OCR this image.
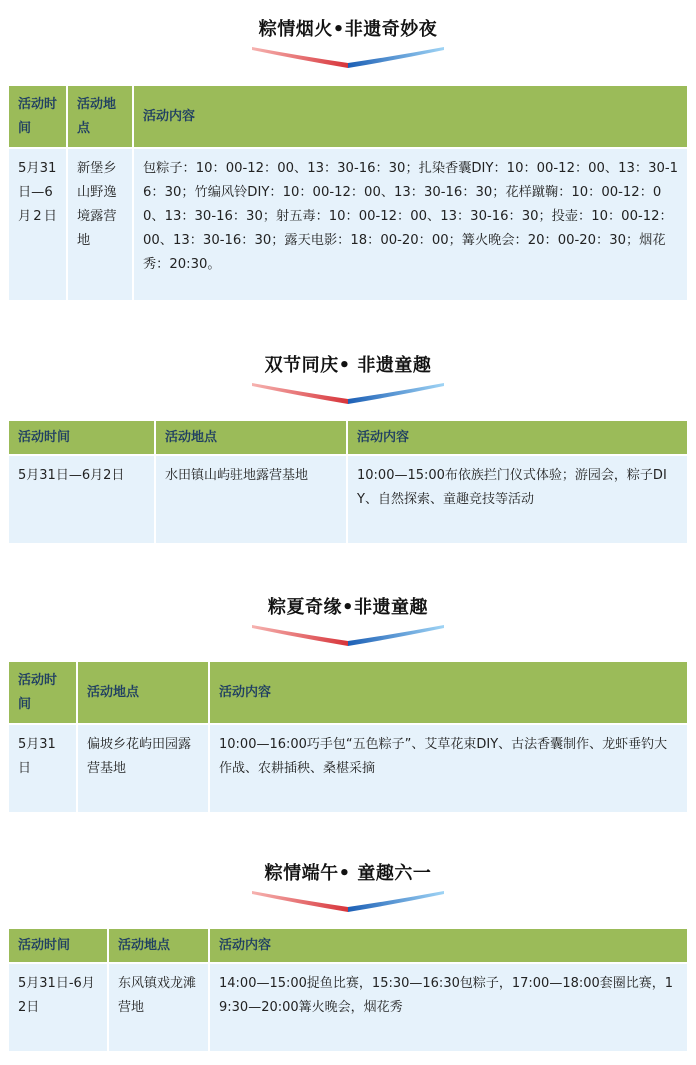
粽情烟火•非遗奇妙夜
活动时间	活动地点	活动内容
5月31日—6月2日	新堡乡山野逸境露营地	包粽子：10：00-12：00、13：30-16：30；扎染香囊DIY：10：00-12：00、13：30-16：30；竹编风铃DIY：10：00-12：00、13：30-16：30；花样蹴鞠：10：00-12：00、13：30-16：30；射五毒：10：00-12：00、13：30-16：30；投壶：10：00-12：00、13：30-16：30；露天电影：18：00-20：00；篝火晚会：20：00-20：30；烟花秀：20:30。
双节同庆• 非遗童趣
活动时间	活动地点	活动内容
5月31日—6月2日	水田镇山屿驻地露营基地	10:00—15:00布依族拦门仪式体验；游园会，粽子DIY、自然探索、童趣竞技等活动
粽夏奇缘•非遗童趣
活动时间	活动地点	活动内容
5月31日	偏坡乡花屿田园露营基地	10:00—16:00巧手包“五色粽子”、艾草花束DIY、古法香囊制作、龙虾垂钓大作战、农耕插秧、桑椹采摘
粽情端午• 童趣六一
活动时间	活动地点	活动内容
5月31日-6月2日	东风镇戏龙滩营地	14:00—15:00捉鱼比赛，15:30—16:30包粽子，17:00—18:00套圈比赛，19:30—20:00篝火晚会，烟花秀
